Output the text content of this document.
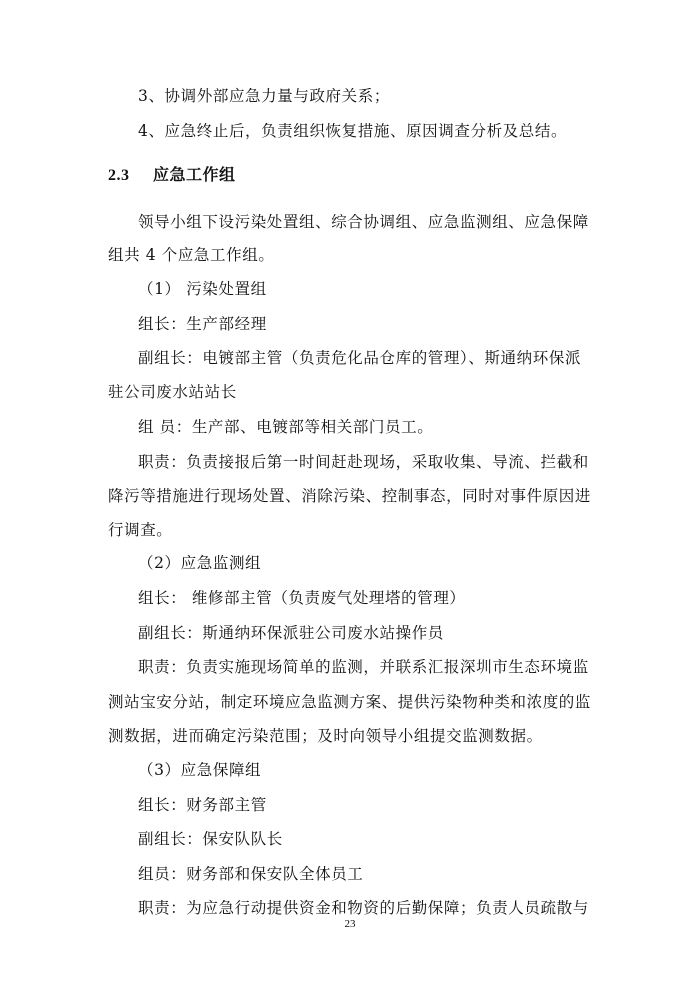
3、协调外部应急力量与政府关系；
4、应急终止后，负责组织恢复措施、原因调查分析及总结。
2.3 应急工作组
领导小组下设污染处置组、综合协调组、应急监测组、应急保障
组共 4 个应急工作组。
（1） 污染处置组
组长：生产部经理
副组长：电镀部主管（负责危化品仓库的管理）、斯通纳环保派
驻公司废水站站长
组 员：生产部、电镀部等相关部门员工。
职责：负责接报后第一时间赶赴现场，采取收集、导流、拦截和
降污等措施进行现场处置、消除污染、控制事态，同时对事件原因进
行调查。
（2）应急监测组
组长： 维修部主管（负责废气处理塔的管理）
副组长：斯通纳环保派驻公司废水站操作员
职责：负责实施现场简单的监测，并联系汇报深圳市生态环境监
测站宝安分站，制定环境应急监测方案、提供污染物种类和浓度的监
测数据，进而确定污染范围；及时向领导小组提交监测数据。
（3）应急保障组
组长：财务部主管
副组长：保安队队长
组员：财务部和保安队全体员工
职责：为应急行动提供资金和物资的后勤保障；负责人员疏散与
23
